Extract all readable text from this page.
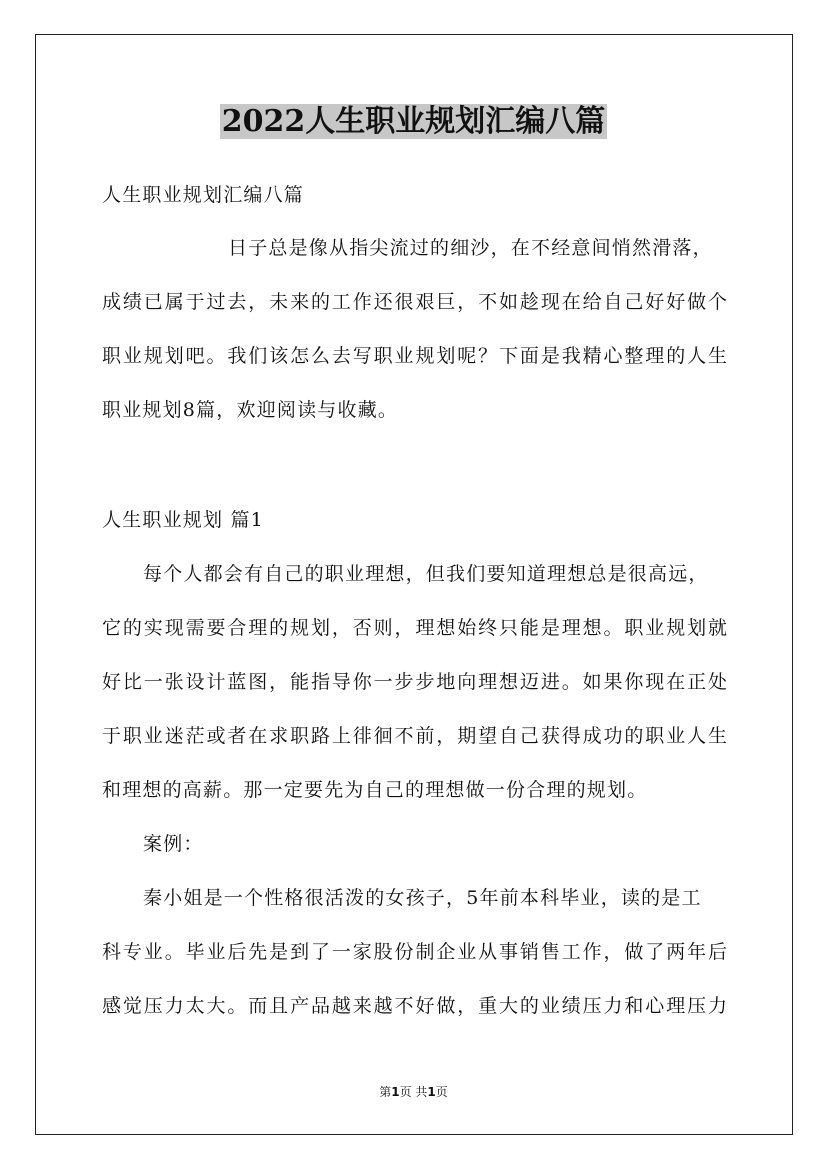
2022人生职业规划汇编八篇
人生职业规划汇编八篇
日子总是像从指尖流过的细沙，在不经意间悄然滑落，
成绩已属于过去，未来的工作还很艰巨，不如趁现在给自己好好做个
职业规划吧。我们该怎么去写职业规划呢？下面是我精心整理的人生
职业规划8篇，欢迎阅读与收藏。
人生职业规划 篇1
每个人都会有自己的职业理想，但我们要知道理想总是很高远，
它的实现需要合理的规划，否则，理想始终只能是理想。职业规划就
好比一张设计蓝图，能指导你一步步地向理想迈进。如果你现在正处
于职业迷茫或者在求职路上徘徊不前，期望自己获得成功的职业人生
和理想的高薪。那一定要先为自己的理想做一份合理的规划。
案例：
秦小姐是一个性格很活泼的女孩子，5年前本科毕业，读的是工
科专业。毕业后先是到了一家股份制企业从事销售工作，做了两年后
感觉压力太大。而且产品越来越不好做，重大的业绩压力和心理压力
第1页 共1页
